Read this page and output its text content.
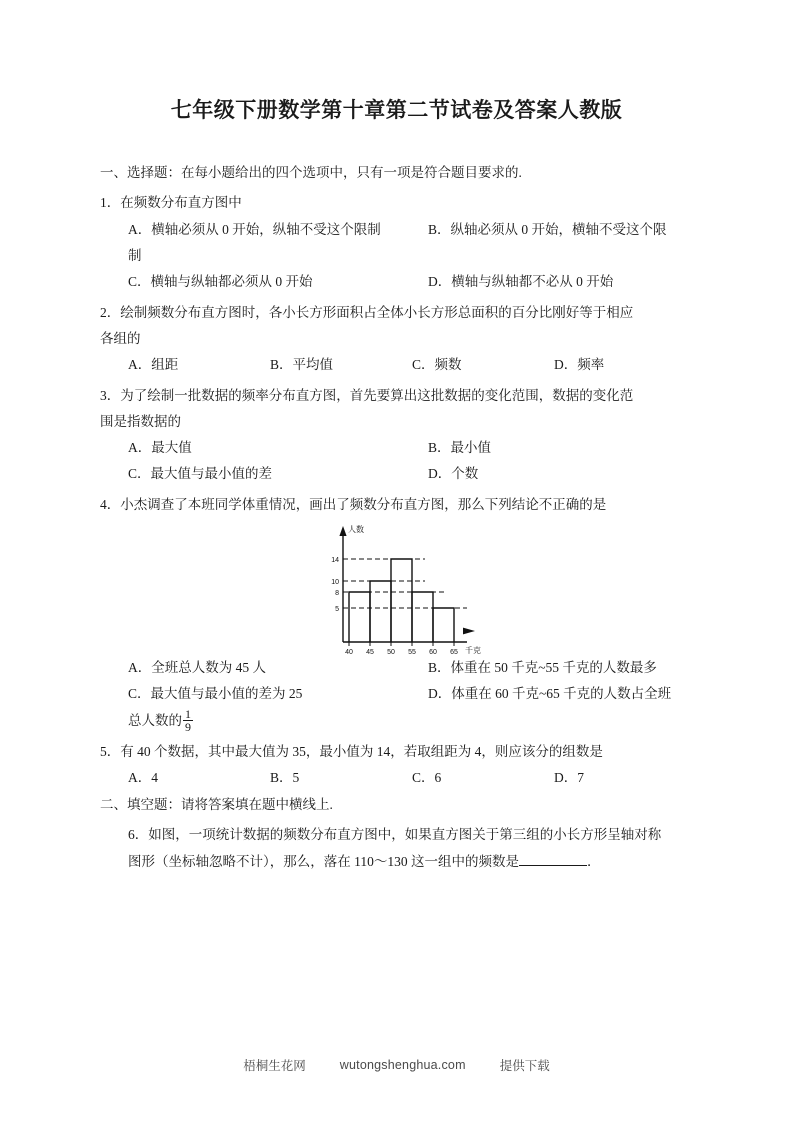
七年级下册数学第十章第二节试卷及答案人教版
一、选择题：在每小题给出的四个选项中，只有一项是符合题目要求的.
1．在频数分布直方图中
A．横轴必须从 0 开始，纵轴不受这个限制	B．纵轴必须从 0 开始，横轴不受这个限
制
C．横轴与纵轴都必须从 0 开始	D．横轴与纵轴都不必从 0 开始
2．绘制频数分布直方图时，各小长方形面积占全体小长方形总面积的百分比刚好等于相应
各组的
A．组距	B．平均值	C．频数	D．频率
3．为了绘制一批数据的频率分布直方图，首先要算出这批数据的变化范围，数据的变化范
围是指数据的
A．最大值	B．最小值
C．最大值与最小值的差	D．个数
4．小杰调查了本班同学体重情况，画出了频数分布直方图，那么下列结论不正确的是
14
10
8
5
40 45 50 55 60 65
人数
千克
A．全班总人数为 45 人	B．体重在 50 千克~55 千克的人数最多
C．最大值与最小值的差为 25	D．体重在 60 千克~65 千克的人数占全班
总人数的 $\frac{1}{9}$
5．有 40 个数据，其中最大值为 35，最小值为 14，若取组距为 4，则应该分的组数是
A．4	B．5	C．6	D．7
二、填空题：请将答案填在题中横线上.
6．如图，一项统计数据的频数分布直方图中，如果直方图关于第三组的小长方形呈轴对称
图形（坐标轴忽略不计），那么，落在 110～130 这一组中的频数是	．
梧桐生花网	wutongshenghua.com	提供下载
